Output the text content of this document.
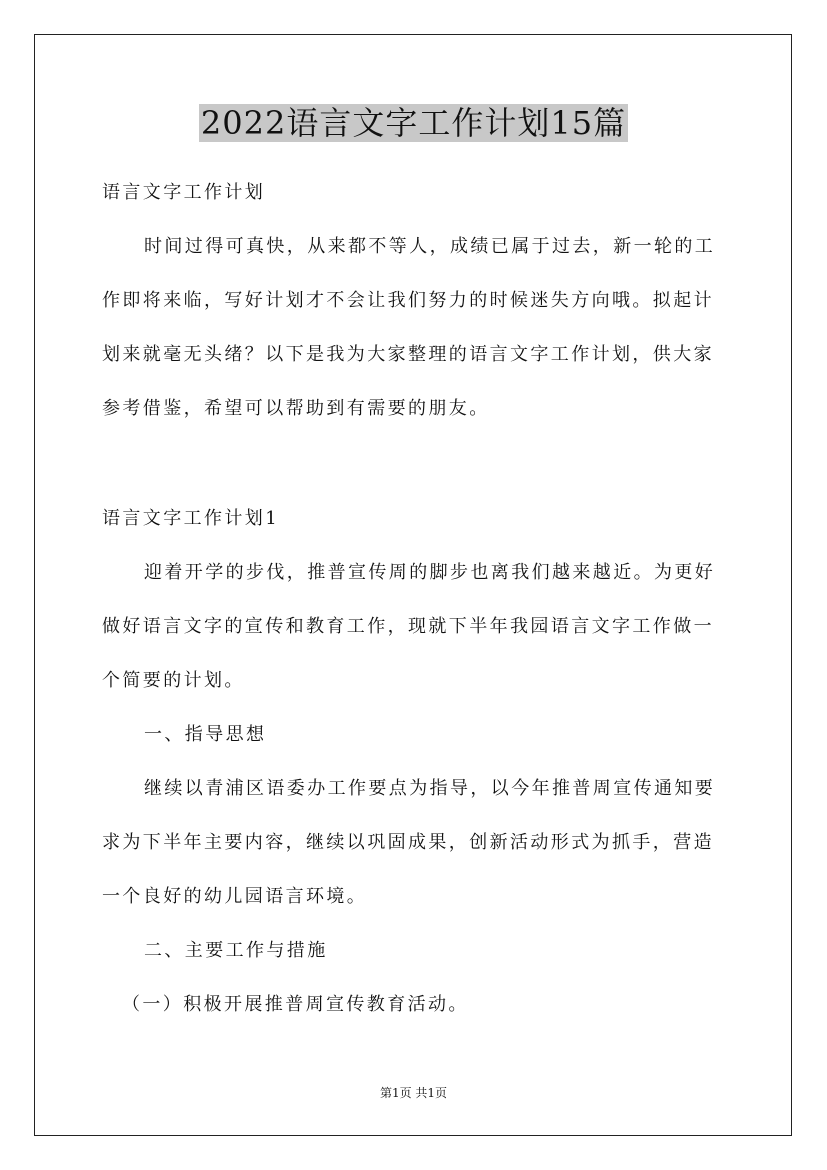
2022语言文字工作计划15篇

语言文字工作计划

时间过得可真快，从来都不等人，成绩已属于过去，新一轮的工

作即将来临，写好计划才不会让我们努力的时候迷失方向哦。拟起计

划来就毫无头绪？以下是我为大家整理的语言文字工作计划，供大家

参考借鉴，希望可以帮助到有需要的朋友。

语言文字工作计划1

迎着开学的步伐，推普宣传周的脚步也离我们越来越近。为更好

做好语言文字的宣传和教育工作，现就下半年我园语言文字工作做一

个简要的计划。

一、指导思想

继续以青浦区语委办工作要点为指导，以今年推普周宣传通知要

求为下半年主要内容，继续以巩固成果，创新活动形式为抓手，营造

一个良好的幼儿园语言环境。

二、主要工作与措施

（一）积极开展推普周宣传教育活动。

第1页 共1页
